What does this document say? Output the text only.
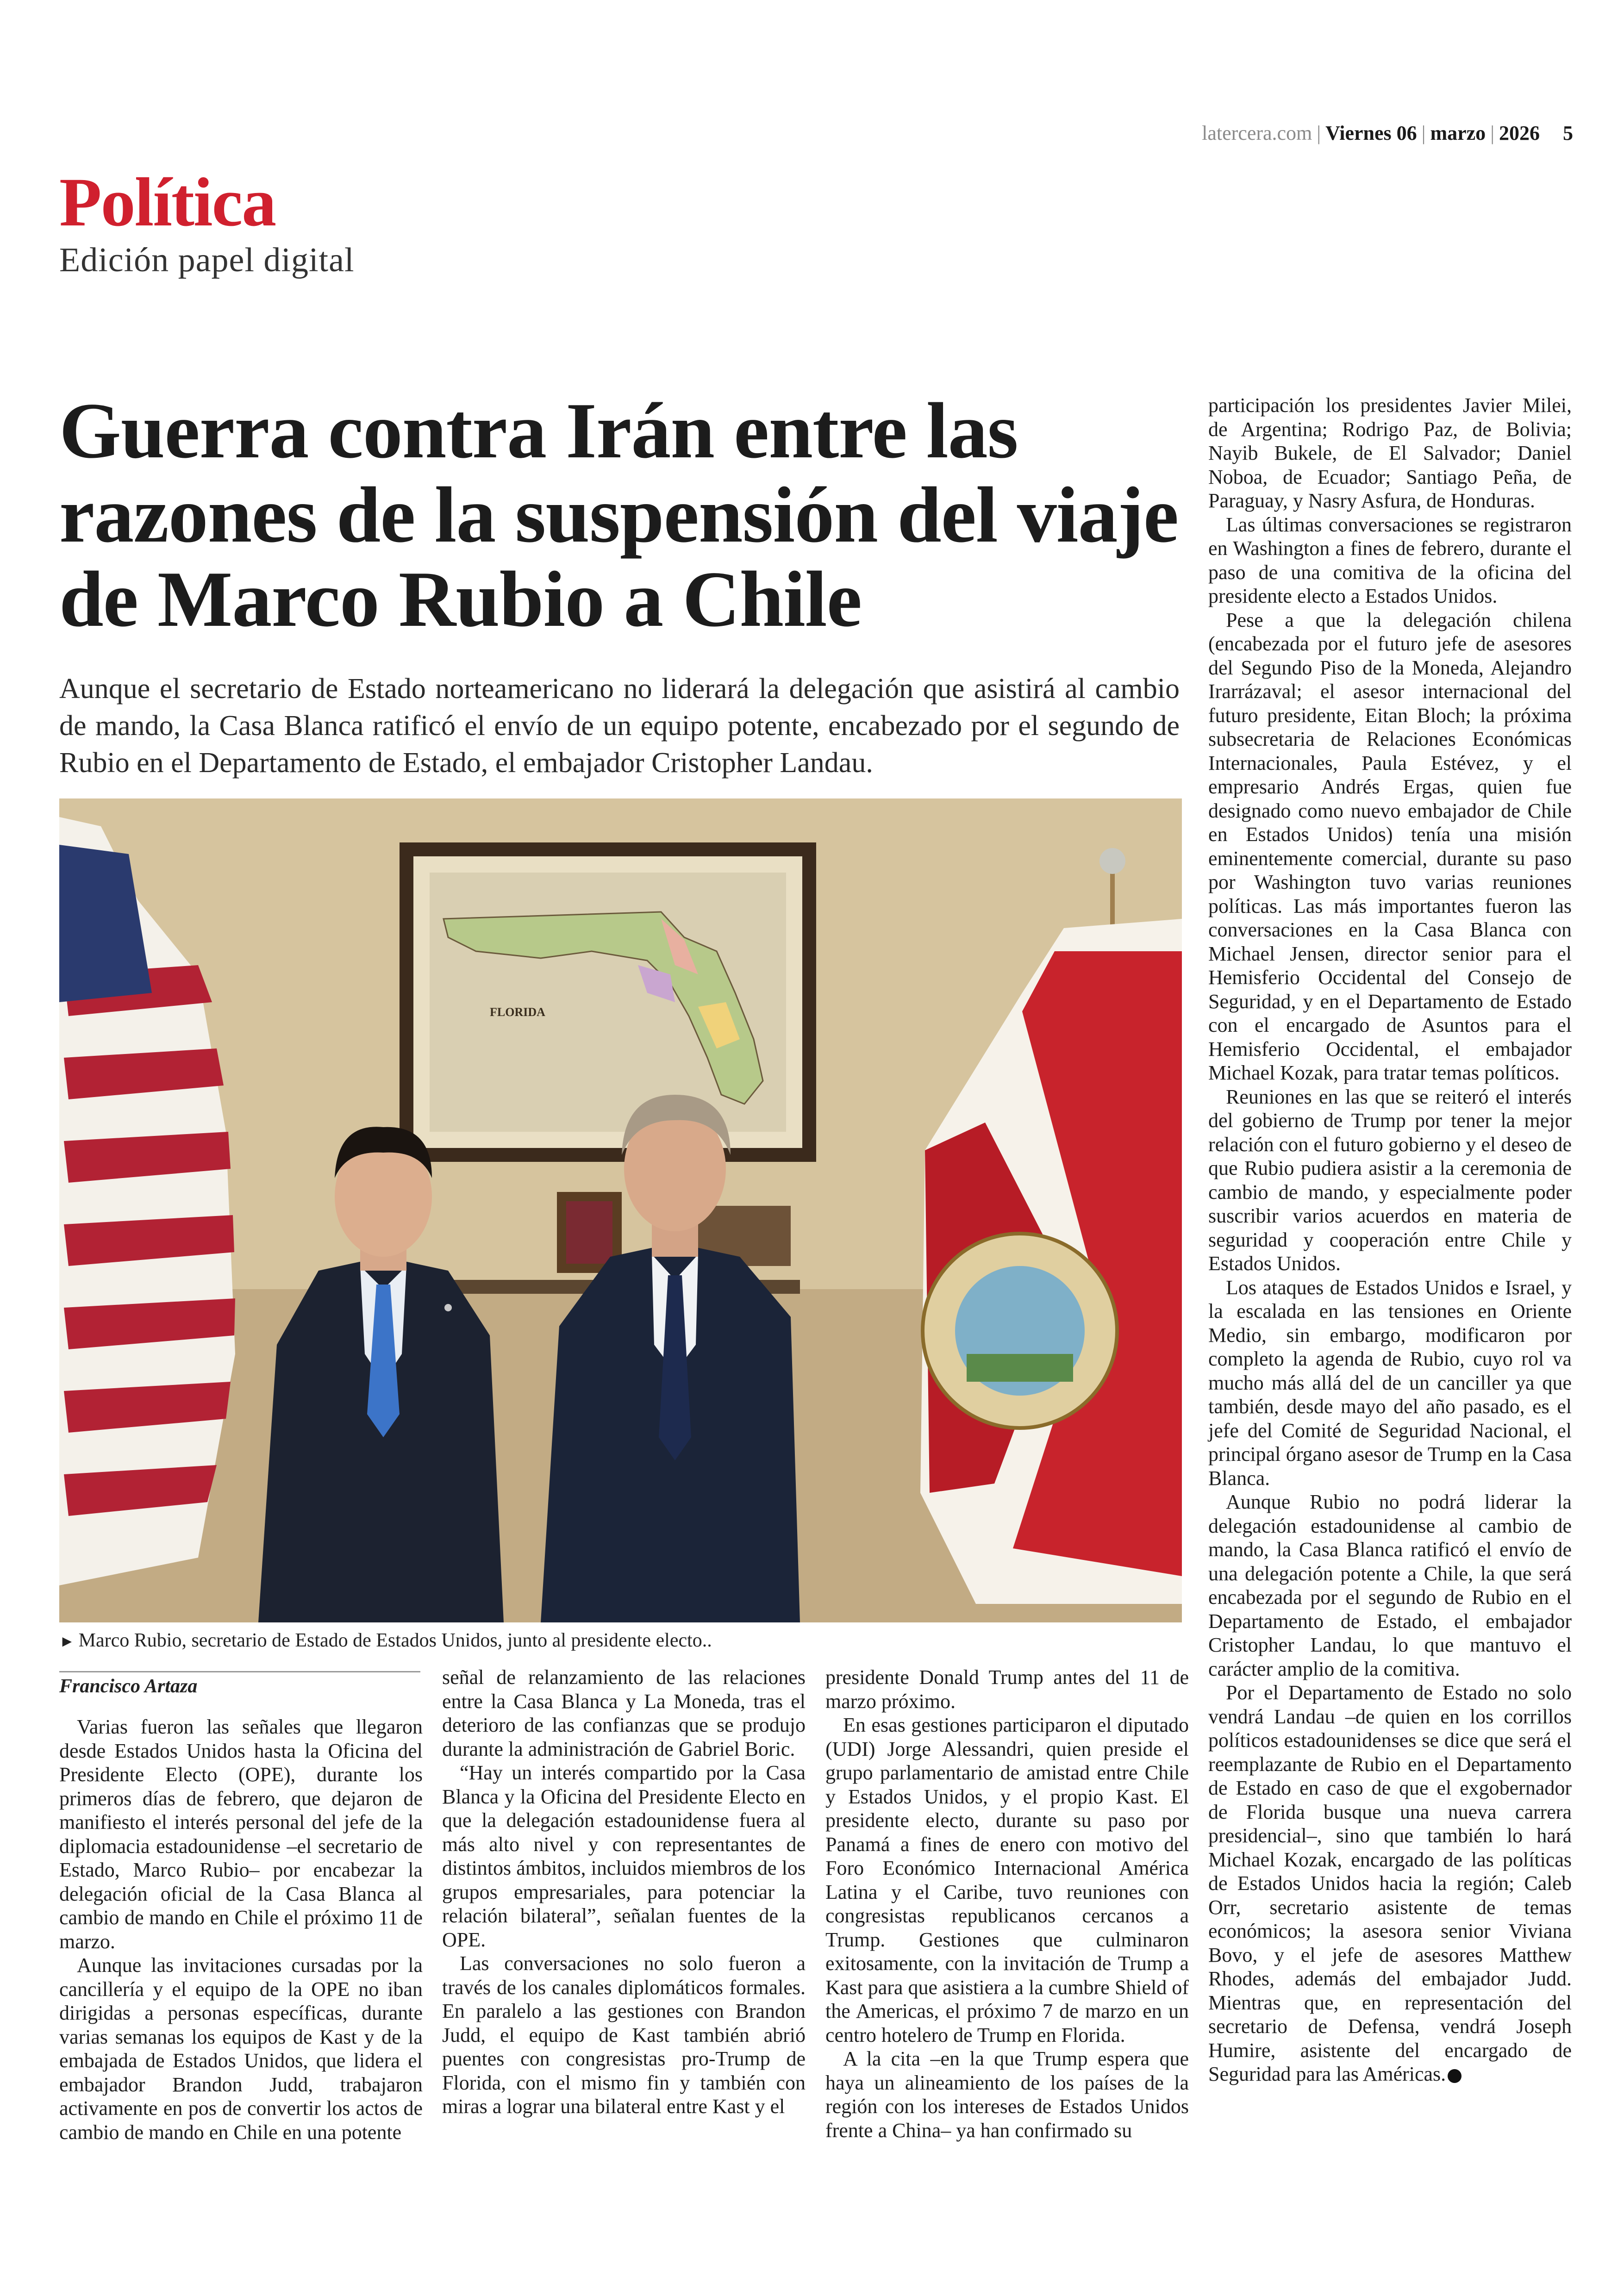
latercera.com | Viernes 06 | marzo | 2026 5
Política
Edición papel digital
Guerra contra Irán entre las razones de la suspensión del viaje de Marco Rubio a Chile

Aunque el secretario de Estado norteamericano no liderará la delegación que asistirá al cambio de mando, la Casa Blanca ratificó el envío de un equipo potente, encabezado por el segundo de Rubio en el Departamento de Estado, el embajador Cristopher Landau.

FLORIDA
► Marco Rubio, secretario de Estado de Estados Unidos, junto al presidente electo..
Francisco Artaza

Varias fueron las señales que llegaron desde Estados Unidos hasta la Oficina del Presidente Electo (OPE), durante los primeros días de febrero, que dejaron de manifiesto el interés personal del jefe de la diplomacia estadounidense –el secretario de Estado, Marco Rubio– por encabezar la delegación oficial de la Casa Blanca al cambio de mando en Chile el próximo 11 de marzo.

Aunque las invitaciones cursadas por la cancillería y el equipo de la OPE no iban dirigidas a personas específicas, durante varias semanas los equipos de Kast y de la embajada de Estados Unidos, que lidera el embajador Brandon Judd, trabajaron activamente en pos de convertir los actos de cambio de mando en Chile en una potente

señal de relanzamiento de las relaciones entre la Casa Blanca y La Moneda, tras el deterioro de las confianzas que se produjo durante la administración de Gabriel Boric.

“Hay un interés compartido por la Casa Blanca y la Oficina del Presidente Electo en que la delegación estadounidense fuera al más alto nivel y con representantes de distintos ámbitos, incluidos miembros de los grupos empresariales, para potenciar la relación bilateral”, señalan fuentes de la OPE.

Las conversaciones no solo fueron a través de los canales diplomáticos formales. En paralelo a las gestiones con Brandon Judd, el equipo de Kast también abrió puentes con congresistas pro-Trump de Florida, con el mismo fin y también con miras a lograr una bilateral entre Kast y el

presidente Donald Trump antes del 11 de marzo próximo.

En esas gestiones participaron el diputado (UDI) Jorge Alessandri, quien preside el grupo parlamentario de amistad entre Chile y Estados Unidos, y el propio Kast. El presidente electo, durante su paso por Panamá a fines de enero con motivo del Foro Económico Internacional América Latina y el Caribe, tuvo reuniones con congresistas republicanos cercanos a Trump. Gestiones que culminaron exitosamente, con la invitación de Trump a Kast para que asistiera a la cumbre Shield of the Americas, el próximo 7 de marzo en un centro hotelero de Trump en Florida.

A la cita –en la que Trump espera que haya un alineamiento de los países de la región con los intereses de Estados Unidos frente a China– ya han confirmado su

participación los presidentes Javier Milei, de Argentina; Rodrigo Paz, de Bolivia; Nayib Bukele, de El Salvador; Daniel Noboa, de Ecuador; Santiago Peña, de Paraguay, y Nasry Asfura, de Honduras.

Las últimas conversaciones se registraron en Washington a fines de febrero, durante el paso de una comitiva de la oficina del presidente electo a Estados Unidos.

Pese a que la delegación chilena (encabezada por el futuro jefe de asesores del Segundo Piso de la Moneda, Alejandro Irarrázaval; el asesor internacional del futuro presidente, Eitan Bloch; la próxima subsecretaria de Relaciones Económicas Internacionales, Paula Estévez, y el empresario Andrés Ergas, quien fue designado como nuevo embajador de Chile en Estados Unidos) tenía una misión eminentemente comercial, durante su paso por Washington tuvo varias reuniones políticas. Las más importantes fueron las conversaciones en la Casa Blanca con Michael Jensen, director senior para el Hemisferio Occidental del Consejo de Seguridad, y en el Departamento de Estado con el encargado de Asuntos para el Hemisferio Occidental, el embajador Michael Kozak, para tratar temas políticos.

Reuniones en las que se reiteró el interés del gobierno de Trump por tener la mejor relación con el futuro gobierno y el deseo de que Rubio pudiera asistir a la ceremonia de cambio de mando, y especialmente poder suscribir varios acuerdos en materia de seguridad y cooperación entre Chile y Estados Unidos.

Los ataques de Estados Unidos e Israel, y la escalada en las tensiones en Oriente Medio, sin embargo, modificaron por completo la agenda de Rubio, cuyo rol va mucho más allá del de un canciller ya que también, desde mayo del año pasado, es el jefe del Comité de Seguridad Nacional, el principal órgano asesor de Trump en la Casa Blanca.

Aunque Rubio no podrá liderar la delegación estadounidense al cambio de mando, la Casa Blanca ratificó el envío de una delegación potente a Chile, la que será encabezada por el segundo de Rubio en el Departamento de Estado, el embajador Cristopher Landau, lo que mantuvo el carácter amplio de la comitiva.

Por el Departamento de Estado no solo vendrá Landau –de quien en los corrillos políticos estadounidenses se dice que será el reemplazante de Rubio en el Departamento de Estado en caso de que el exgobernador de Florida busque una nueva carrera presidencial–, sino que también lo hará Michael Kozak, encargado de las políticas de Estados Unidos hacia la región; Caleb Orr, secretario asistente de temas económicos; la asesora senior Viviana Bovo, y el jefe de asesores Matthew Rhodes, además del embajador Judd. Mientras que, en representación del secretario de Defensa, vendrá Joseph Humire, asistente del encargado de Seguridad para las Américas.
